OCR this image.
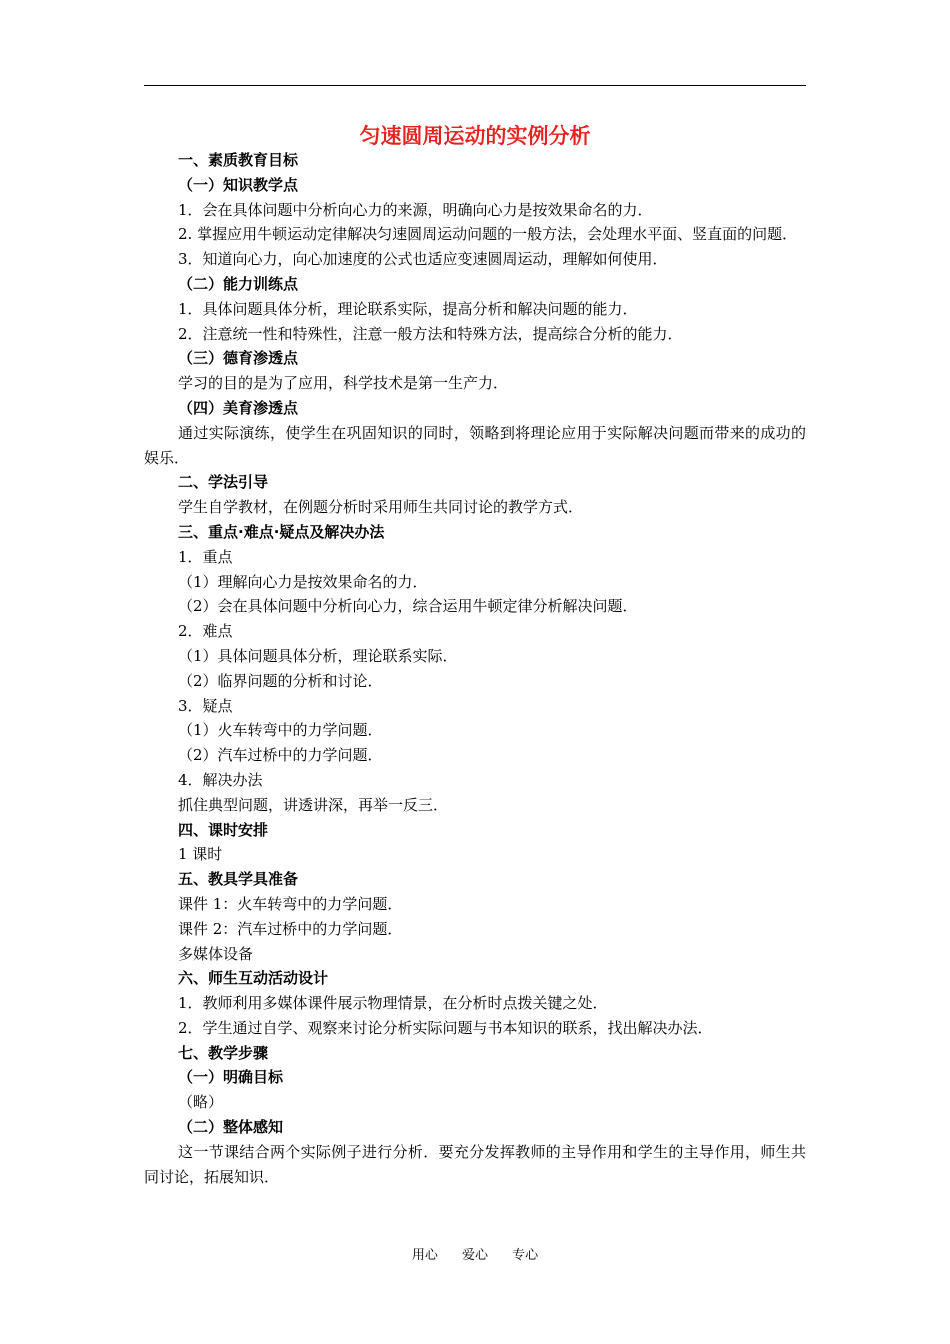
匀速圆周运动的实例分析

一、素质教育目标

（一）知识教学点

1．会在具体问题中分析向心力的来源，明确向心力是按效果命名的力．

2. 掌握应用牛顿运动定律解决匀速圆周运动问题的一般方法，会处理水平面、竖直面的问题．

3．知道向心力，向心加速度的公式也适应变速圆周运动，理解如何使用．

（二）能力训练点

1．具体问题具体分析，理论联系实际，提高分析和解决问题的能力．

2．注意统一性和特殊性，注意一般方法和特殊方法，提高综合分析的能力．

（三）德育渗透点

学习的目的是为了应用，科学技术是第一生产力．

（四）美育渗透点

通过实际演练，使学生在巩固知识的同时，领略到将理论应用于实际解决问题而带来的成功的娱乐．

二、学法引导

学生自学教材，在例题分析时采用师生共同讨论的教学方式．

三、重点·难点·疑点及解决办法

1．重点

（1）理解向心力是按效果命名的力．

（2）会在具体问题中分析向心力，综合运用牛顿定律分析解决问题．

2．难点

（1）具体问题具体分析，理论联系实际．

（2）临界问题的分析和讨论．

3．疑点

（1）火车转弯中的力学问题．

（2）汽车过桥中的力学问题．

4．解决办法

抓住典型问题，讲透讲深，再举一反三．

四、课时安排

1 课时

五、教具学具准备

课件 1：火车转弯中的力学问题．

课件 2：汽车过桥中的力学问题．

多媒体设备

六、师生互动活动设计

1．教师利用多媒体课件展示物理情景，在分析时点拨关键之处．

2．学生通过自学、观察来讨论分析实际问题与书本知识的联系，找出解决办法．

七、教学步骤

（一）明确目标

（略）

（二）整体感知

这一节课结合两个实际例子进行分析．要充分发挥教师的主导作用和学生的主导作用，师生共同讨论，拓展知识．

用心 爱心 专心
